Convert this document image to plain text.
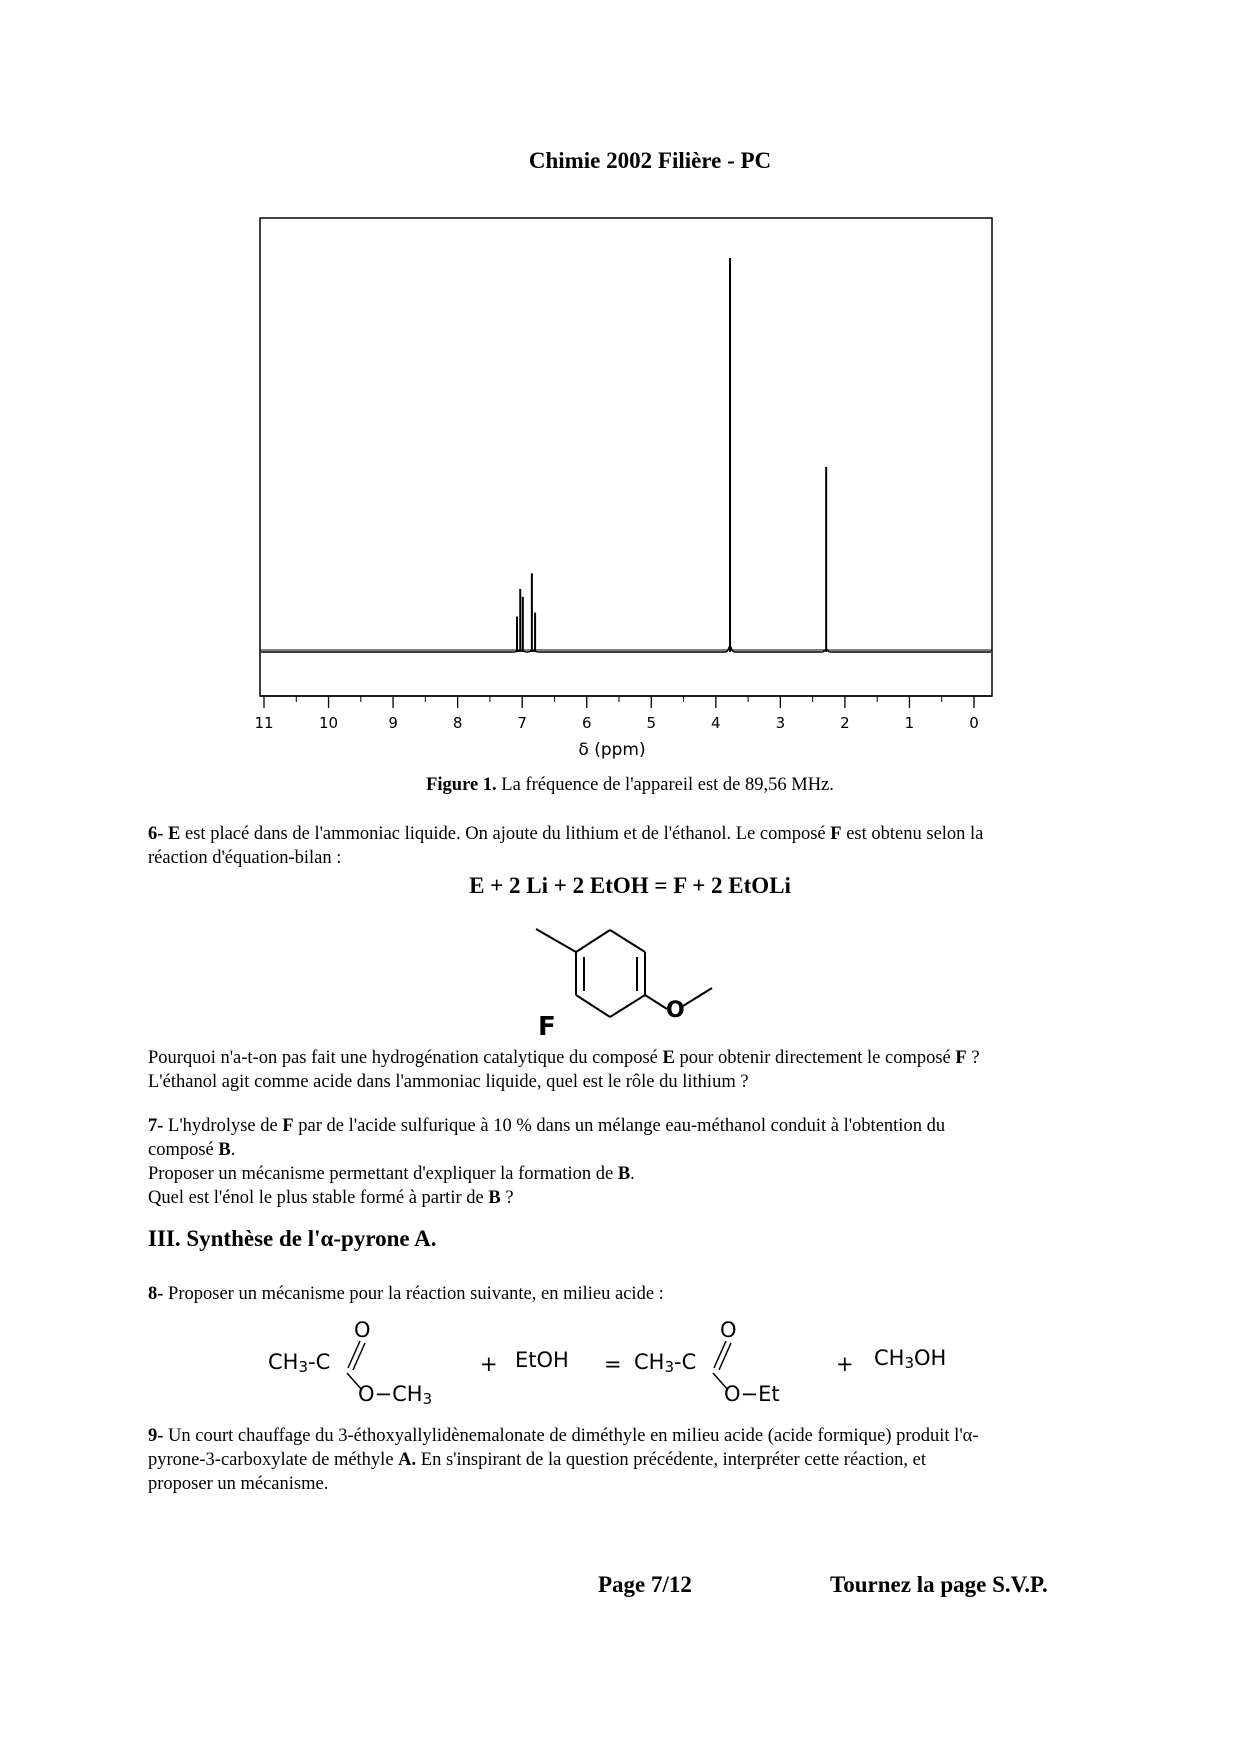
Chimie 2002 Filière - PC
11	10	9	8	7	6	5	4	3	2	1	0
δ (ppm)
Figure 1. La fréquence de l'appareil est de 89,56 MHz.
6- E est placé dans de l'ammoniac liquide. On ajoute du lithium et de l'éthanol. Le composé F est obtenu selon la
réaction d'équation-bilan :
E + 2 Li + 2 EtOH = F + 2 EtOLi
O
F
Pourquoi n'a-t-on pas fait une hydrogénation catalytique du composé E pour obtenir directement le composé F ?
L'éthanol agit comme acide dans l'ammoniac liquide, quel est le rôle du lithium ?
7- L'hydrolyse de F par de l'acide sulfurique à 10 % dans un mélange eau-méthanol conduit à l'obtention du
composé B.
Proposer un mécanisme permettant d'expliquer la formation de B.
Quel est l'énol le plus stable formé à partir de B ?
III. Synthèse de l'α-pyrone A.
8- Proposer un mécanisme pour la réaction suivante, en milieu acide :
O
$CH_3-C$
$O-CH_3$
+ EtOH =
O
$CH_3-C$
O−Et
+ $CH_3OH$
9- Un court chauffage du 3-éthoxyallylidènemalonate de diméthyle en milieu acide (acide formique) produit l'α-
pyrone-3-carboxylate de méthyle A. En s'inspirant de la question précédente, interpréter cette réaction, et
proposer un mécanisme.
Page 7/12	Tournez la page S.V.P.
